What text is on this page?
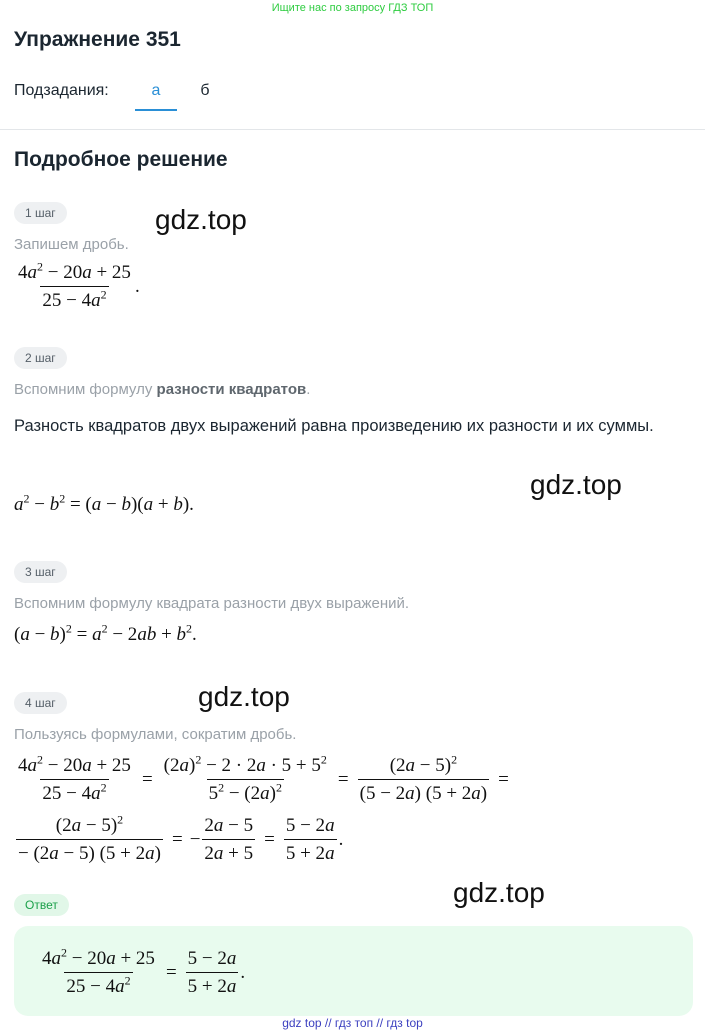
Ищите нас по запросу ГДЗ ТОП
Упражнение 351
Подзадания:	а	б
Подробное решение
1 шаг	gdz.top
Запишем дробь.
$\frac{4a^2 - 20a + 25}{25 - 4a^2}$ .
2 шаг
Вспомним формулу разности квадратов.
Разность квадратов двух выражений равна произведению их разности и их суммы.
$a^2 - b^2 = (a - b)(a + b)$.
gdz.top
3 шаг
Вспомним формулу квадрата разности двух выражений.
$(a - b)^2 = a^2 - 2ab + b^2$.
4 шаг	gdz.top
Пользуясь формулами, сократим дробь.
$\frac{4a^2 - 20a + 25}{25 - 4a^2} = \frac{(2a)^2 - 2 \cdot 2a \cdot 5 + 5^2}{5^2 - (2a)^2} = \frac{(2a - 5)^2}{(5 - 2a) (5 + 2a)}$ =
$\frac{(2a - 5)^2}{- (2a - 5) (5 + 2a)}$ = − $\frac{2a - 5}{2a + 5} = \frac{5 - 2a}{5 + 2a}$ .
gdz.top
Ответ
$\frac{4a^2 - 20a + 25}{25 - 4a^2} = \frac{5 - 2a}{5 + 2a}$ .
gdz top // гдз топ // гдз top
